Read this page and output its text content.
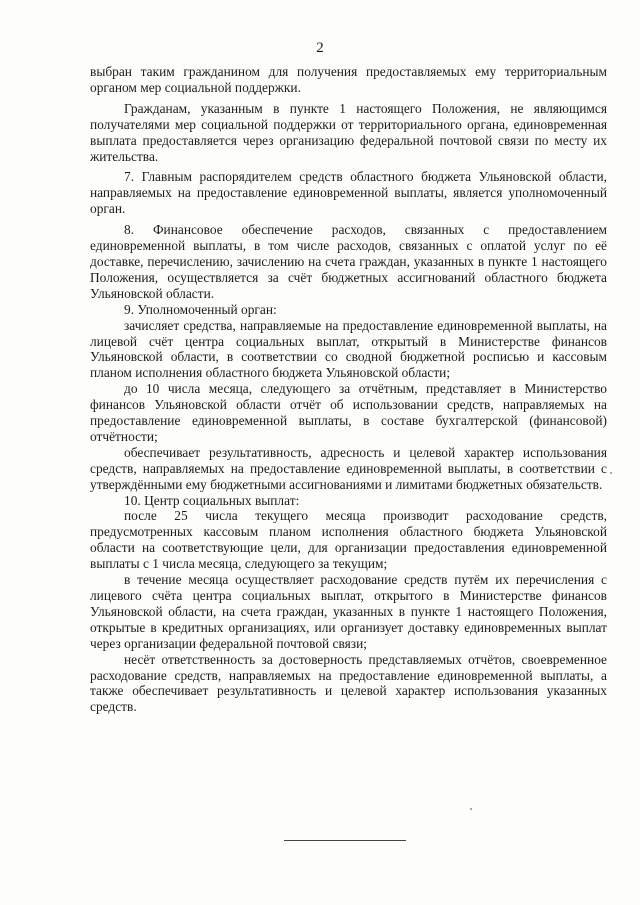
2

выбран таким гражданином для получения предоставляемых ему территориальным органом мер социальной поддержки.

Гражданам, указанным в пункте 1 настоящего Положения, не являющимся получателями мер социальной поддержки от территориального органа, единовременная выплата предоставляется через организацию федеральной почтовой связи по месту их жительства.

7. Главным распорядителем средств областного бюджета Ульяновской области, направляемых на предоставление единовременной выплаты, является уполномоченный орган.

8. Финансовое обеспечение расходов, связанных с предоставлением единовременной выплаты, в том числе расходов, связанных с оплатой услуг по её доставке, перечислению, зачислению на счета граждан, указанных в пункте 1 настоящего Положения, осуществляется за счёт бюджетных ассигнований областного бюджета Ульяновской области.

9. Уполномоченный орган:

зачисляет средства, направляемые на предоставление единовременной выплаты, на лицевой счёт центра социальных выплат, открытый в Министерстве финансов Ульяновской области, в соответствии со сводной бюджетной росписью и кассовым планом исполнения областного бюджета Ульяновской области;

до 10 числа месяца, следующего за отчётным, представляет в Министерство финансов Ульяновской области отчёт об использовании средств, направляемых на предоставление единовременной выплаты, в составе бухгалтерской (финансовой) отчётности;

обеспечивает результативность, адресность и целевой характер использования средств, направляемых на предоставление единовременной выплаты, в соответствии с утверждёнными ему бюджетными ассигнованиями и лимитами бюджетных обязательств.

10. Центр социальных выплат:

после 25 числа текущего месяца производит расходование средств, предусмотренных кассовым планом исполнения областного бюджета Ульяновской области на соответствующие цели, для организации предоставления единовременной выплаты с 1 числа месяца, следующего за текущим;

в течение месяца осуществляет расходование средств путём их перечисления с лицевого счёта центра социальных выплат, открытого в Министерстве финансов Ульяновской области, на счета граждан, указанных в пункте 1 настоящего Положения, открытые в кредитных организациях, или организует доставку единовременных выплат через организации федеральной почтовой связи;

несёт ответственность за достоверность представляемых отчётов, своевременное расходование средств, направляемых на предоставление единовременной выплаты, а также обеспечивает результативность и целевой характер использования указанных средств.
